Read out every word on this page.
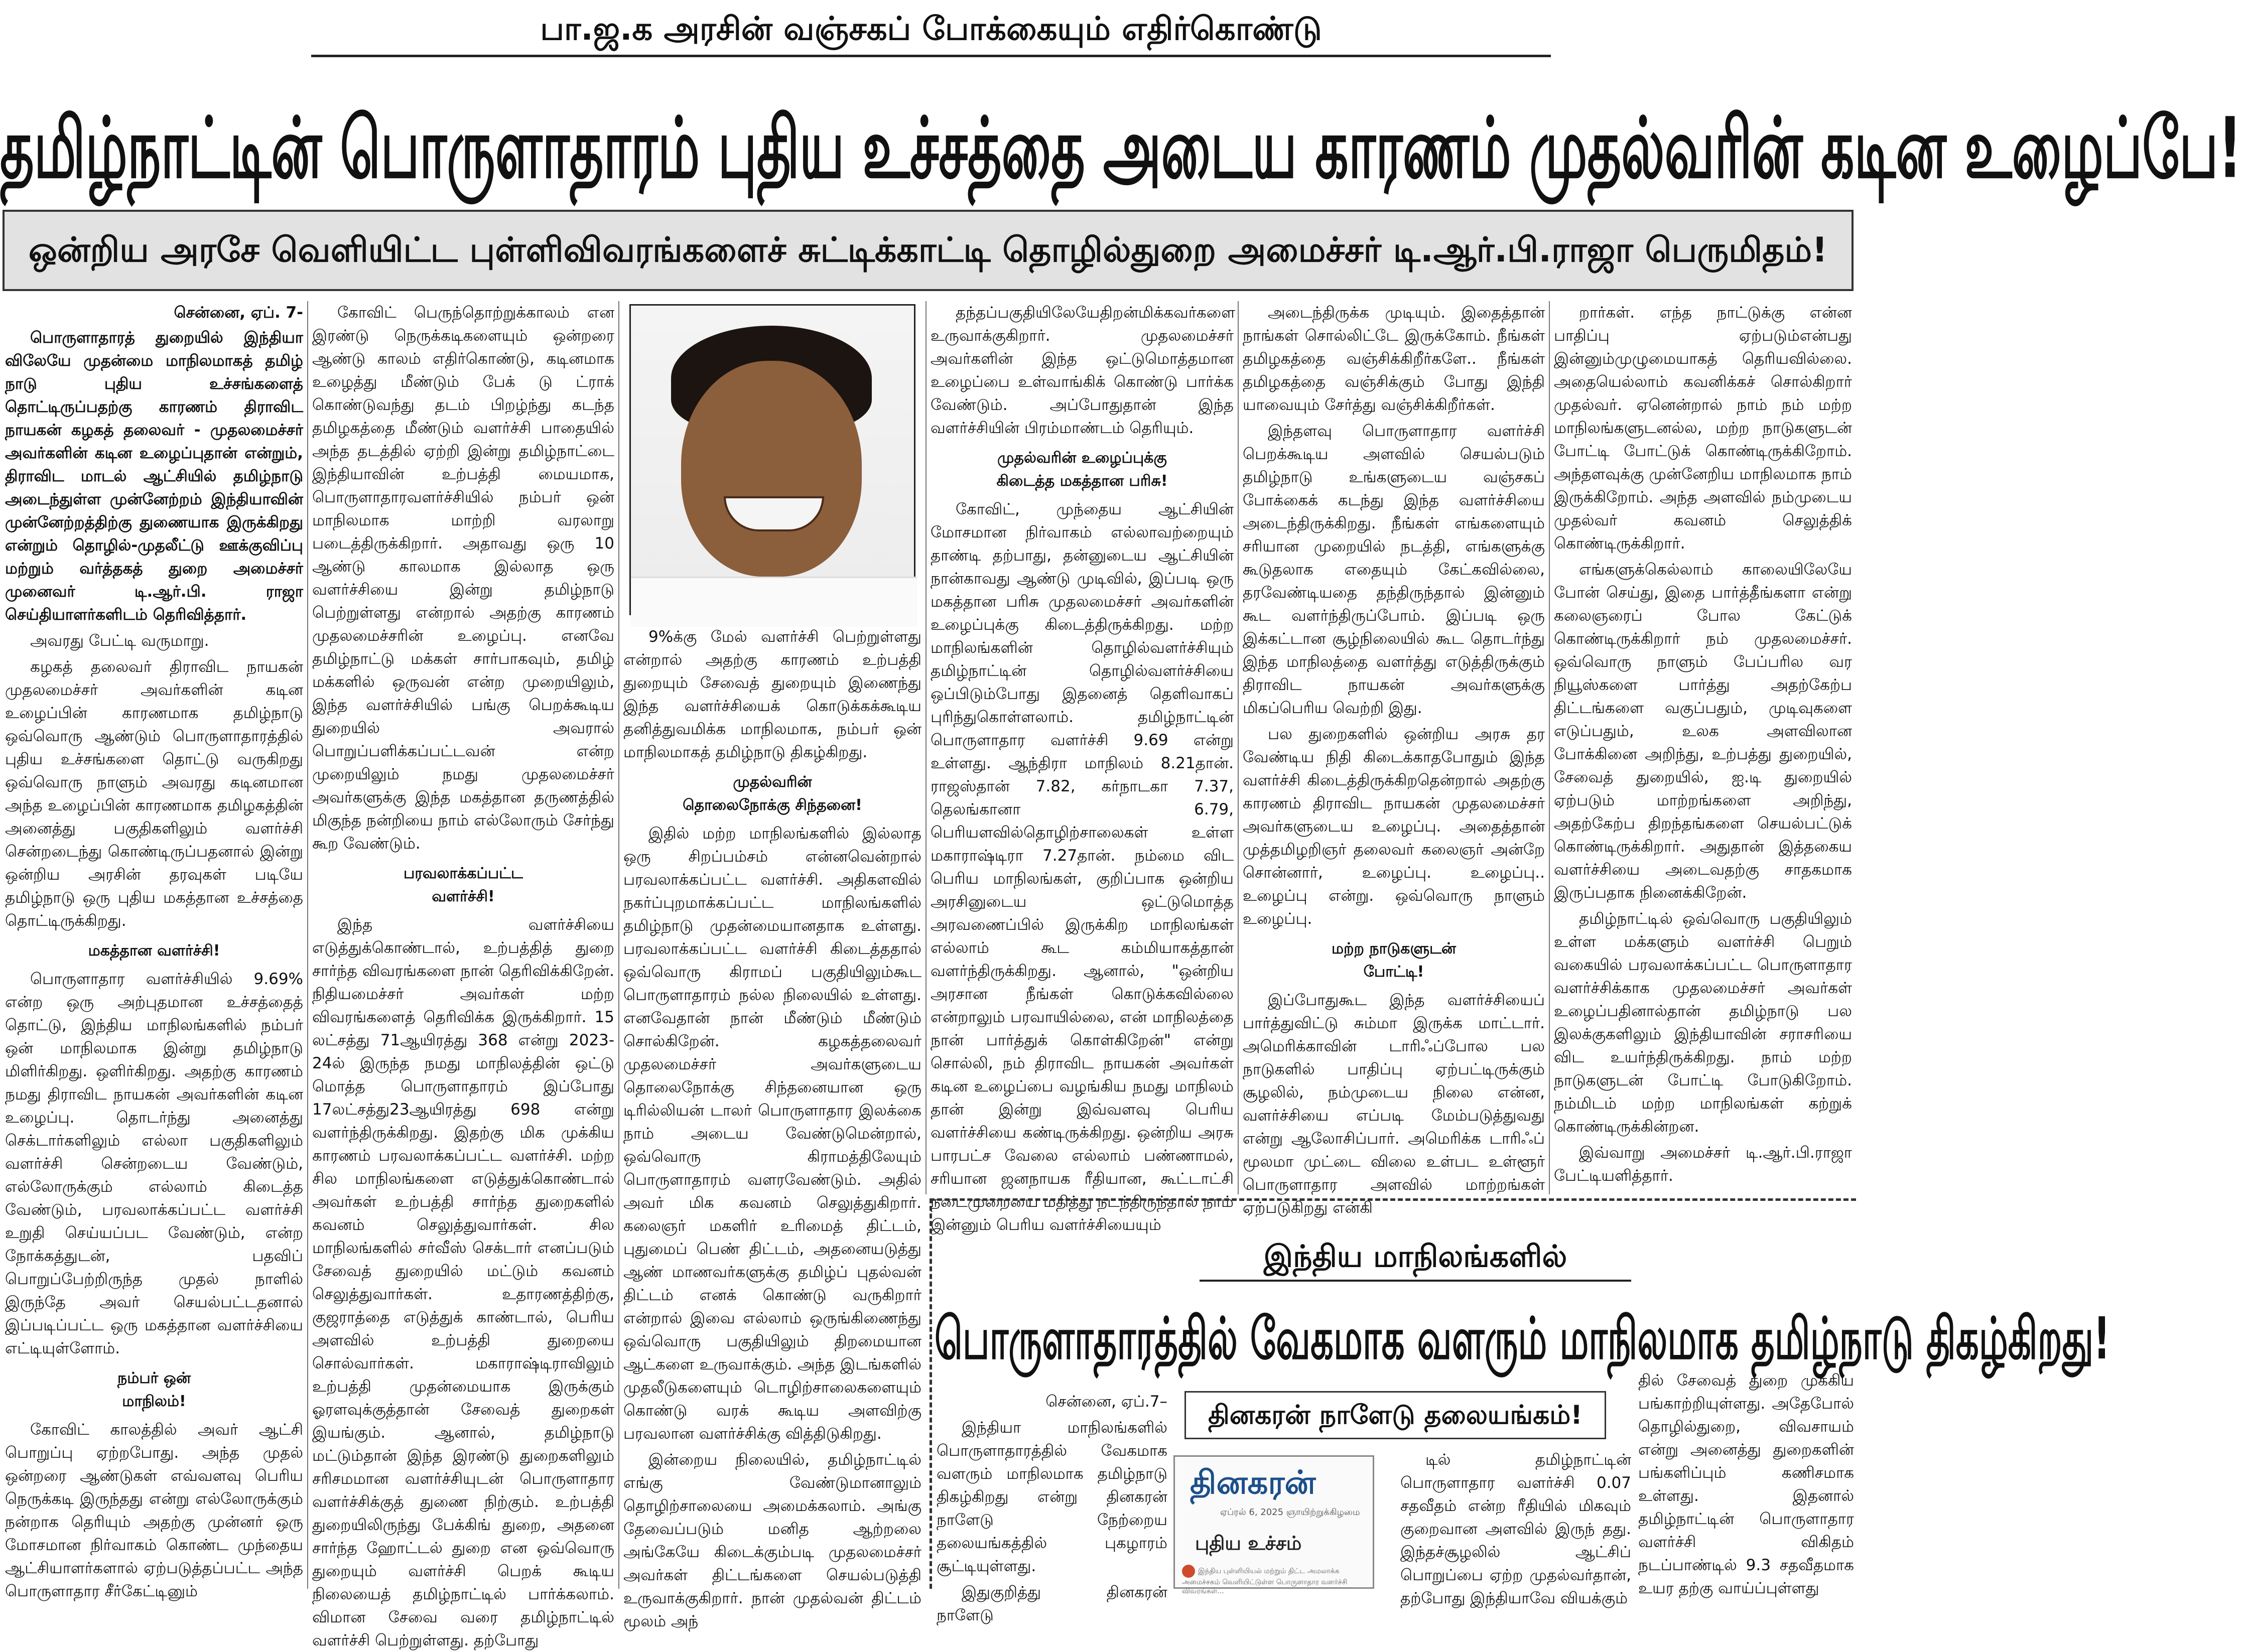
பா.ஜ.க அரசின் வஞ்சகப் போக்கையும் எதிர்கொண்டு
தமிழ்நாட்டின் பொருளாதாரம் புதிய உச்சத்தை அடைய காரணம் முதல்வரின் கடின உழைப்பே!
ஒன்றிய அரசே வெளியிட்ட புள்ளிவிவரங்களைச் சுட்டிக்காட்டி தொழில்துறை அமைச்சர் டி.ஆர்.பி.ராஜா பெருமிதம்!

சென்னை, ஏப். 7-

பொருளாதாரத் துறையில் இந்தியா விலேயே முதன்மை மாநிலமாகத் தமிழ் நாடு புதிய உச்சங்களைத் தொட்டிருப்பதற்கு காரணம் திராவிட நாயகன் கழகத் தலைவர் - முதலமைச்சர் அவர்களின் கடின உழைப்புதான் என்றும், திராவிட மாடல் ஆட்சியில் தமிழ்நாடு அடைந்துள்ள முன்னேற்றம் இந்தியாவின் முன்னேற்றத்திற்கு துணையாக இருக்கிறது என்றும் தொழில்-முதலீட்டு ஊக்குவிப்பு மற்றும் வர்த்தகத் துறை அமைச்சர் முனைவர் டி.ஆர்.பி. ராஜா செய்தியாளர்களிடம் தெரிவித்தார்.

அவரது பேட்டி வருமாறு.

கழகத் தலைவர் திராவிட நாயகன் முதலமைச்சர் அவர்களின் கடின உழைப்பின் காரணமாக தமிழ்நாடு ஒவ்வொரு ஆண்டும் பொருளாதாரத்தில் புதிய உச்சங்களை தொட்டு வருகிறது ஒவ்வொரு நாளும் அவரது கடினமான அந்த உழைப்பின் காரணமாக தமிழகத்தின் அனைத்து பகுதிகளிலும் வளர்ச்சி சென்றடைந்து கொண்டிருப்பதனால் இன்று ஒன்றிய அரசின் தரவுகள் படியே தமிழ்நாடு ஒரு புதிய மகத்தான உச்சத்தை தொட்டிருக்கிறது.

மகத்தான வளர்ச்சி!

பொருளாதார வளர்ச்சியில் 9.69% என்ற ஒரு அற்புதமான உச்சத்தைத் தொட்டு, இந்திய மாநிலங்களில் நம்பர் ஒன் மாநிலமாக இன்று தமிழ்நாடு மிளிர்கிறது. ஒளிர்கிறது. அதற்கு காரணம் நமது திராவிட நாயகன் அவர்களின் கடின உழைப்பு. தொடர்ந்து அனைத்து செக்டார்களிலும் எல்லா பகுதிகளிலும் வளர்ச்சி சென்றடைய வேண்டும், எல்லோருக்கும் எல்லாம் கிடைத்த வேண்டும், பரவலாக்கப்பட்ட வளர்ச்சி உறுதி செய்யப்பட வேண்டும், என்ற நோக்கத்துடன், பதவிப் பொறுப்பேற்றிருந்த முதல் நாளில் இருந்தே அவர் செயல்பட்டதனால் இப்படிப்பட்ட ஒரு மகத்தான வளர்ச்சியை எட்டியுள்ளோம்.

நம்பர் ஒன்

மாநிலம்!

கோவிட் காலத்தில் அவர் ஆட்சி பொறுப்பு ஏற்றபோது. அந்த முதல் ஒன்றரை ஆண்டுகள் எவ்வளவு பெரிய நெருக்கடி இருந்தது என்று எல்லோருக்கும் நன்றாக தெரியும் அதற்கு முன்னர் ஒரு மோசமான நிர்வாகம் கொண்ட முந்தைய ஆட்சியாளர்களால் ஏற்படுத்தப்பட்ட அந்த பொருளாதார சீர்கேட்டினும்

கோவிட் பெருந்தொற்றுக்காலம் என இரண்டு நெருக்கடிகளையும் ஒன்றரை ஆண்டு காலம் எதிர்கொண்டு, கடினமாக உழைத்து மீண்டும் பேக் டு ட்ராக் கொண்டுவந்து தடம் பிறழ்ந்து கடந்த தமிழகத்தை மீண்டும் வளர்ச்சி பாதையில் அந்த தடத்தில் ஏற்றி இன்று தமிழ்நாட்டை இந்தியாவின் உற்பத்தி மையமாக, பொருளாதாரவளர்ச்சியில் நம்பர் ஒன் மாநிலமாக மாற்றி வரலாறு படைத்திருக்கிறார். அதாவது ஒரு 10 ஆண்டு காலமாக இல்லாத ஒரு வளர்ச்சியை இன்று தமிழ்நாடு பெற்றுள்ளது என்றால் அதற்கு காரணம் முதலமைச்சரின் உழைப்பு. எனவே தமிழ்நாட்டு மக்கள் சார்பாகவும், தமிழ் மக்களில் ஒருவன் என்ற முறையிலும், இந்த வளர்ச்சியில் பங்கு பெறக்கூடிய துறையில் அவரால் பொறுப்பளிக்கப்பட்டவன் என்ற முறையிலும் நமது முதலமைச்சர் அவர்களுக்கு இந்த மகத்தான தருணத்தில் மிகுந்த நன்றியை நாம் எல்லோரும் சேர்ந்து கூற வேண்டும்.

பரவலாக்கப்பட்ட

வளர்ச்சி!

இந்த வளர்ச்சியை எடுத்துக்கொண்டால், உற்பத்தித் துறை சார்ந்த விவரங்களை நான் தெரிவிக்கிறேன். நிதியமைச்சர் அவர்கள் மற்ற விவரங்களைத் தெரிவிக்க இருக்கிறார். 15 லட்சத்து 71ஆயிரத்து 368 என்று 2023-24ல் இருந்த நமது மாநிலத்தின் ஒட்டு மொத்த பொருளாதாரம் இப்போது 17லட்சத்து23ஆயிரத்து 698 என்று வளர்ந்திருக்கிறது. இதற்கு மிக முக்கிய காரணம் பரவலாக்கப்பட்ட வளர்ச்சி. மற்ற சில மாநிலங்களை எடுத்துக்கொண்டால் அவர்கள் உற்பத்தி சார்ந்த துறைகளில் கவனம் செலுத்துவார்கள். சில மாநிலங்களில் சர்வீஸ் செக்டார் எனப்படும் சேவைத் துறையில் மட்டும் கவனம் செலுத்துவார்கள். உதாரணத்திற்கு, குஜராத்தை எடுத்துக் காண்டால், பெரிய அளவில் உற்பத்தி துறையை சொல்வார்கள். மகாராஷ்டிராவிலும் உற்பத்தி முதன்மையாக இருக்கும் ஓரளவுக்குத்தான் சேவைத் துறைகள் இயங்கும். ஆனால், தமிழ்நாடு மட்டும்தான் இந்த இரண்டு துறைகளிலும் சரிசமமான வளர்ச்சியுடன் பொருளாதார வளர்ச்சிக்குத் துணை நிற்கும். உற்பத்தி துறையிலிருந்து பேக்கிங் துறை, அதனை சார்ந்த ஹோட்டல் துறை என ஒவ்வொரு துறையும் வளர்ச்சி பெறக் கூடிய நிலையைத் தமிழ்நாட்டில் பார்க்கலாம். விமான சேவை வரை தமிழ்நாட்டில் வளர்ச்சி பெற்றுள்ளது. தற்போது

9%க்கு மேல் வளர்ச்சி பெற்றுள்ளது என்றால் அதற்கு காரணம் உற்பத்தி துறையும் சேவைத் துறையும் இணைந்து இந்த வளர்ச்சியைக் கொடுக்கக்கூடிய தனித்துவமிக்க மாநிலமாக, நம்பர் ஒன் மாநிலமாகத் தமிழ்நாடு திகழ்கிறது.

முதல்வரின்

தொலைநோக்கு சிந்தனை!

இதில் மற்ற மாநிலங்களில் இல்லாத ஒரு சிறப்பம்சம் என்னவென்றால் பரவலாக்கப்பட்ட வளர்ச்சி. அதிகளவில் நகர்ப்புறமாக்கப்பட்ட மாநிலங்களில் தமிழ்நாடு முதன்மையானதாக உள்ளது. பரவலாக்கப்பட்ட வளர்ச்சி கிடைத்ததால் ஒவ்வொரு கிராமப் பகுதியிலும்கூட பொருளாதாரம் நல்ல நிலையில் உள்ளது. எனவேதான் நான் மீண்டும் மீண்டும் சொல்கிறேன். கழகத்தலைவர் முதலமைச்சர் அவர்களுடைய தொலைநோக்கு சிந்தனையான ஒரு டிரில்லியன் டாலர் பொருளாதார இலக்கை நாம் அடைய வேண்டுமென்றால், ஒவ்வொரு கிராமத்திலேயும் பொருளாதாரம் வளரவேண்டும். அதில் அவர் மிக கவனம் செலுத்துகிறார். கலைஞர் மகளிர் உரிமைத் திட்டம், புதுமைப் பெண் திட்டம், அதனையடுத்து ஆண் மாணவர்களுக்கு தமிழ்ப் புதல்வன் திட்டம் எனக் கொண்டு வருகிறார் என்றால் இவை எல்லாம் ஒருங்கிணைந்து ஒவ்வொரு பகுதியிலும் திறமையான ஆட்களை உருவாக்கும். அந்த இடங்களில் முதலீடுகளையும் டொழிற்சாலைகளையும் கொண்டு வரக் கூடிய அளவிற்கு பரவலான வளர்ச்சிக்கு வித்திடுகிறது.

இன்றைய நிலையில், தமிழ்நாட்டில் எங்கு வேண்டுமானாலும் தொழிற்சாலையை அமைக்கலாம். அங்கு தேவைப்படும் மனித ஆற்றலை அங்கேயே கிடைக்கும்படி முதலமைச்சர் அவர்கள் திட்டங்களை செயல்படுத்தி உருவாக்குகிறார். நான் முதல்வன் திட்டம் மூலம் அந்

தந்தப்பகுதியிலேயேதிறன்மிக்கவர்களை உருவாக்குகிறார். முதலமைச்சர் அவர்களின் இந்த ஒட்டுமொத்தமான உழைப்பை உள்வாங்கிக் கொண்டு பார்க்க வேண்டும். அப்போதுதான் இந்த வளர்ச்சியின் பிரம்மாண்டம் தெரியும்.

முதல்வரின் உழைப்புக்கு

கிடைத்த மகத்தான பரிசு!

கோவிட், முந்தைய ஆட்சியின் மோசமான நிர்வாகம் எல்லாவற்றையும் தாண்டி தற்பாது, தன்னுடைய ஆட்சியின் நான்காவது ஆண்டு முடிவில், இப்படி ஒரு மகத்தான பரிசு முதலமைச்சர் அவர்களின் உழைப்புக்கு கிடைத்திருக்கிறது. மற்ற மாநிலங்களின் தொழில்வளர்ச்சியும் தமிழ்நாட்டின் தொழில்வளர்ச்சியை ஒப்பிடும்போது இதனைத் தெளிவாகப் புரிந்துகொள்ளலாம். தமிழ்நாட்டின் பொருளாதார வளர்ச்சி 9.69 என்று உள்ளது. ஆந்திரா மாநிலம் 8.21தான். ராஜஸ்தான் 7.82, கர்நாடகா 7.37, தெலங்கானா 6.79, பெரியளவில்தொழிற்சாலைகள் உள்ள மகாராஷ்டிரா 7.27தான். நம்மை விட பெரிய மாநிலங்கள், குறிப்பாக ஒன்றிய அரசினுடைய ஒட்டுமொத்த அரவணைப்பில் இருக்கிற மாநிலங்கள் எல்லாம் கூட கம்மியாகத்தான் வளர்ந்திருக்கிறது. ஆனால், "ஒன்றிய அரசான நீங்கள் கொடுக்கவில்லை என்றாலும் பரவாயில்லை, என் மாநிலத்தை நான் பார்த்துக் கொள்கிறேன்" என்று சொல்லி, நம் திராவிட நாயகன் அவர்கள் கடின உழைப்பை வழங்கிய நமது மாநிலம் தான் இன்று இவ்வளவு பெரிய வளர்ச்சியை கண்டிருக்கிறது. ஒன்றிய அரசு பாரபட்ச வேலை எல்லாம் பண்ணாமல், சரியான ஜனநாயக ரீதியான, கூட்டாட்சி நடைமுறையை மதித்து நடந்திருந்தால் நாம் இன்னும் பெரிய வளர்ச்சியையும்

அடைந்திருக்க முடியும். இதைத்தான் நாங்கள் சொல்லிட்டே இருக்கோம். நீங்கள் தமிழகத்தை வஞ்சிக்கிறீர்களே.. நீங்கள் தமிழகத்தை வஞ்சிக்கும் போது இந்தி யாவையும் சேர்த்து வஞ்சிக்கிறீர்கள்.

இந்தளவு பொருளாதார வளர்ச்சி பெறக்கூடிய அளவில் செயல்படும் தமிழ்நாடு உங்களுடைய வஞ்சகப் போக்கைக் கடந்து இந்த வளர்ச்சியை அடைந்திருக்கிறது. நீங்கள் எங்களையும் சரியான முறையில் நடத்தி, எங்களுக்கு கூடுதலாக எதையும் கேட்கவில்லை, தரவேண்டியதை தந்திருந்தால் இன்னும் கூட வளர்ந்திருப்போம். இப்படி ஒரு இக்கட்டான சூழ்நிலையில் கூட தொடர்ந்து இந்த மாநிலத்தை வளர்த்து எடுத்திருக்கும் திராவிட நாயகன் அவர்களுக்கு மிகப்பெரிய வெற்றி இது.

பல துறைகளில் ஒன்றிய அரசு தர வேண்டிய நிதி கிடைக்காதபோதும் இந்த வளர்ச்சி கிடைத்திருக்கிறதென்றால் அதற்கு காரணம் திராவிட நாயகன் முதலமைச்சர் அவர்களுடைய உழைப்பு. அதைத்தான் முத்தமிழறிஞர் தலைவர் கலைஞர் அன்றே சொன்னார், உழைப்பு. உழைப்பு.. உழைப்பு என்று. ஒவ்வொரு நாளும் உழைப்பு.

மற்ற நாடுகளுடன்

போட்டி!

இப்போதுகூட இந்த வளர்ச்சியைப் பார்த்துவிட்டு சும்மா இருக்க மாட்டார். அமெரிக்காவின் டாரிஃப்போல பல நாடுகளில் பாதிப்பு ஏற்பட்டிருக்கும் சூழலில், நம்முடைய நிலை என்ன, வளர்ச்சியை எப்படி மேம்படுத்துவது என்று ஆலோசிப்பார். அமெரிக்க டாரிஃப் மூலமா முட்டை விலை உள்பட உள்ளூர் பொருளாதார அளவில் மாற்றங்கள் ஏற்படுகிறது என்கி

றார்கள். எந்த நாட்டுக்கு என்ன பாதிப்பு ஏற்படும்என்பது இன்னும்முழுமையாகத் தெரியவில்லை. அதையெல்லாம் கவனிக்கச் சொல்கிறார் முதல்வர். ஏனென்றால் நாம் நம் மற்ற மாநிலங்களுடனல்ல, மற்ற நாடுகளுடன் போட்டி போட்டுக் கொண்டிருக்கிறோம். அந்தளவுக்கு முன்னேறிய மாநிலமாக நாம் இருக்கிறோம். அந்த அளவில் நம்முடைய முதல்வர் கவனம் செலுத்திக் கொண்டிருக்கிறார்.

எங்களுக்கெல்லாம் காலையிலேயே போன் செய்து, இதை பார்த்தீங்களா என்று கலைஞரைப் போல கேட்டுக் கொண்டிருக்கிறார் நம் முதலமைச்சர். ஒவ்வொரு நாளும் பேப்பரில வர நியூஸ்களை பார்த்து அதற்கேற்ப திட்டங்களை வகுப்பதும், முடிவுகளை எடுப்பதும், உலக அளவிலான போக்கினை அறிந்து, உற்பத்து துறையில், சேவைத் துறையில், ஐ.டி துறையில் ஏற்படும் மாற்றங்களை அறிந்து, அதற்கேற்ப திறந்தங்களை செயல்பட்டுக் கொண்டிருக்கிறார். அதுதான் இத்தகைய வளர்ச்சியை அடைவதற்கு சாதகமாக இருப்பதாக நினைக்கிறேன்.

தமிழ்நாட்டில் ஒவ்வொரு பகுதியிலும் உள்ள மக்களும் வளர்ச்சி பெறும் வகையில் பரவலாக்கப்பட்ட பொருளாதார வளர்ச்சிக்காக முதலமைச்சர் அவர்கள் உழைப்பதினால்தான் தமிழ்நாடு பல இலக்குகளிலும் இந்தியாவின் சராசரியை விட உயர்ந்திருக்கிறது. நாம் மற்ற நாடுகளுடன் போட்டி போடுகிறோம். நம்மிடம் மற்ற மாநிலங்கள் கற்றுக் கொண்டிருக்கின்றன.

இவ்வாறு அமைச்சர் டி.ஆர்.பி.ராஜா பேட்டியளித்தார்.

இந்திய மாநிலங்களில்
பொருளாதாரத்தில் வேகமாக வளரும் மாநிலமாக தமிழ்நாடு திகழ்கிறது!
தினகரன் நாளேடு தலையங்கம்!

சென்னை, ஏப்.7–

இந்தியா மாநிலங்களில் பொருளாதாரத்தில் வேகமாக வளரும் மாநிலமாக தமிழ்நாடு திகழ்கிறது என்று தினகரன் நாளேடு நேற்றைய தலையங்கத்தில் புகழாரம் சூட்டியுள்ளது.

இதுகுறித்து தினகரன் நாளேடு

தினகரன்
ஏப்ரல் 6, 2025 ஞாயிற்றுக்கிழமை
புதிய உச்சம்
இந்திய புள்ளியியல் மற்றும் திட்ட அமலாக்க அமைச்சகம் வெளியிட்டுள்ள பொருளாதார வளர்ச்சி விவரங்கள்...

டில் தமிழ்நாட்டின் பொருளாதார வளர்ச்சி 0.07 சதவீதம் என்ற ரீதியில் மிகவும் குறைவான அளவில் இருந் தது. இந்தச்சூழலில் ஆட்சிப் பொறுப்பை ஏற்ற முதல்வர்தான், தற்போது இந்தியாவே வியக்கும்

தில் சேவைத் துறை முக்கிய பங்காற்றியுள்ளது. அதேபோல் தொழில்துறை, விவசாயம் என்று அனைத்து துறைகளின் பங்களிப்பும் கணிசமாக உள்ளது. இதனால் தமிழ்நாட்டின் பொருளாதார வளர்ச்சி விகிதம் நடப்பாண்டில் 9.3 சதவீதமாக உயர தற்கு வாய்ப்புள்ளது
